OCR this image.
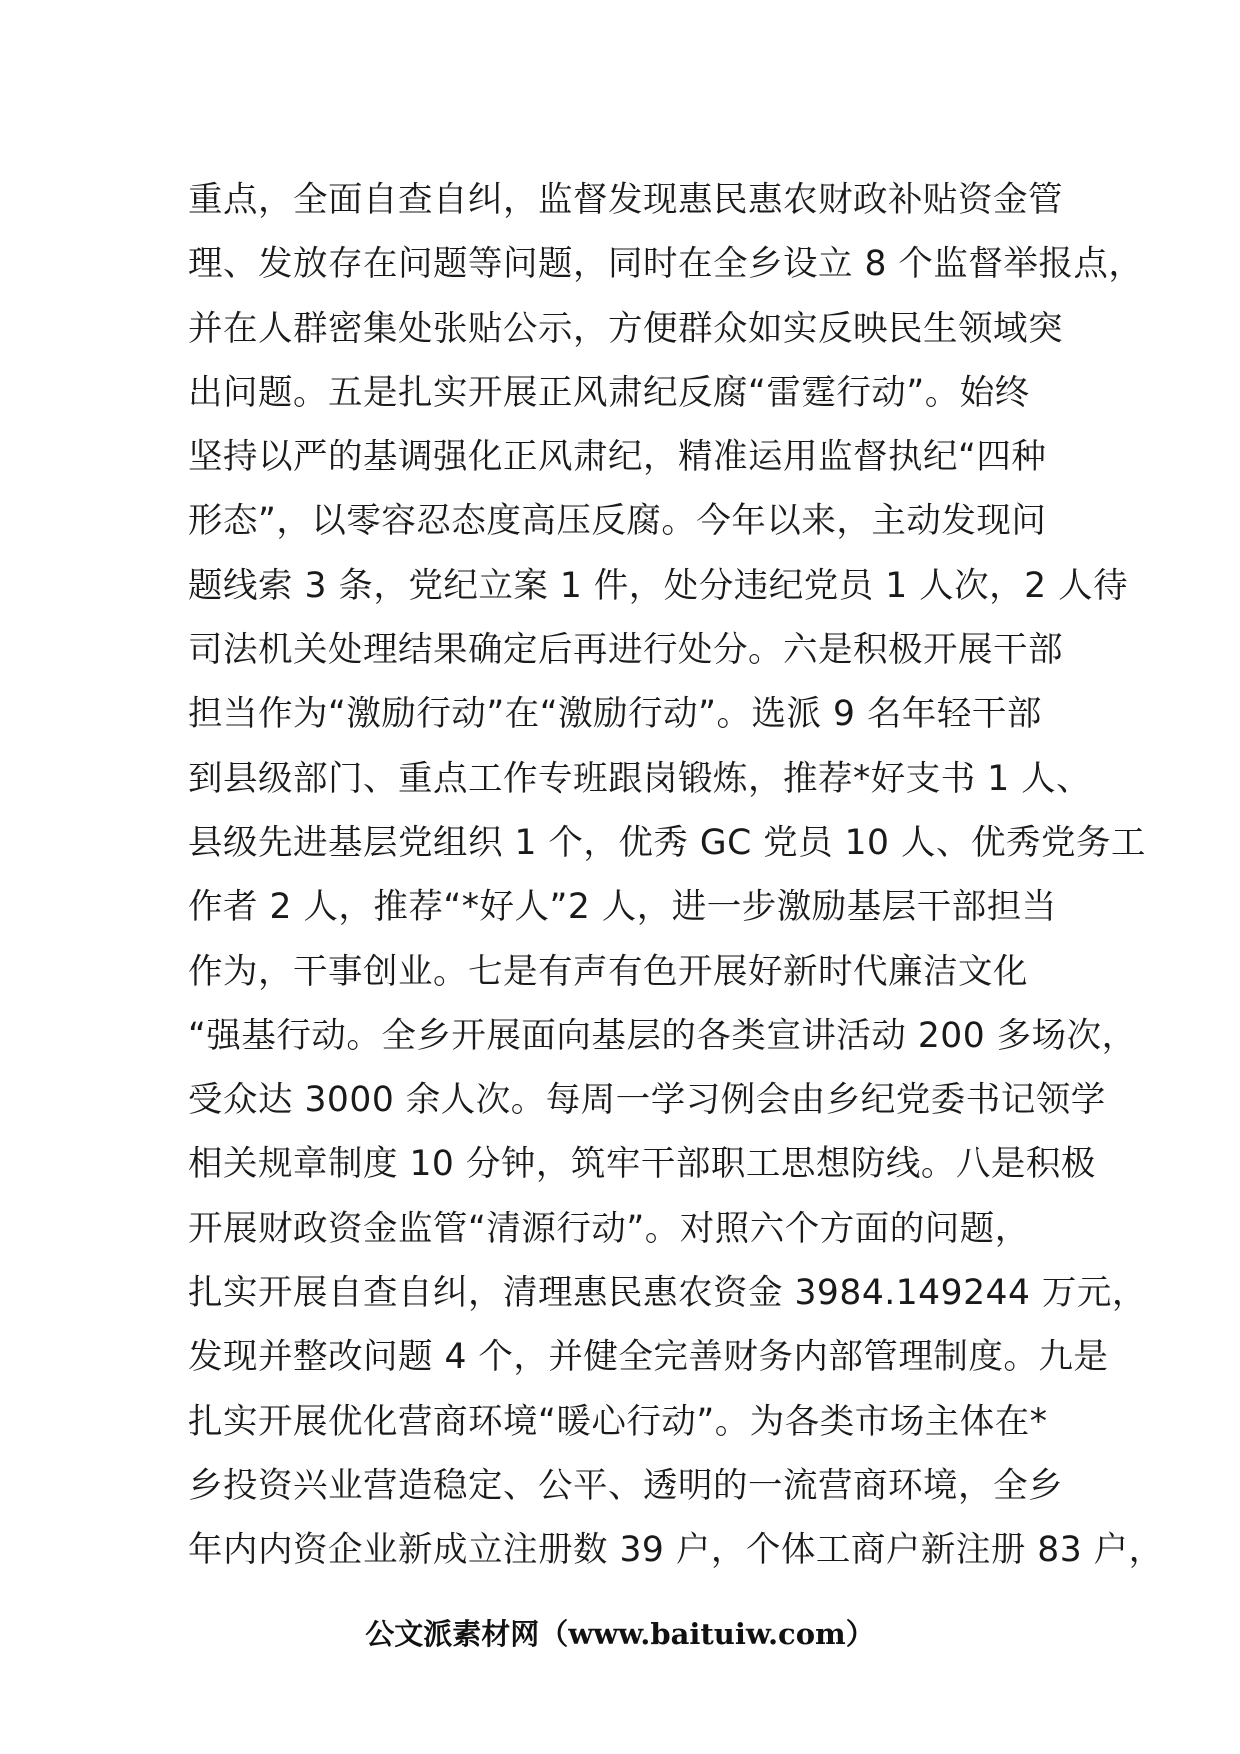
重点，全面自查自纠，监督发现惠民惠农财政补贴资金管
理、发放存在问题等问题，同时在全乡设立 8 个监督举报点，
并在人群密集处张贴公示，方便群众如实反映民生领域突
出问题。五是扎实开展正风肃纪反腐“雷霆行动”。始终
坚持以严的基调强化正风肃纪，精准运用监督执纪“四种
形态”，以零容忍态度高压反腐。今年以来，主动发现问
题线索 3 条，党纪立案 1 件，处分违纪党员 1 人次，2 人待
司法机关处理结果确定后再进行处分。六是积极开展干部
担当作为“激励行动”在“激励行动”。选派 9 名年轻干部
到县级部门、重点工作专班跟岗锻炼，推荐*好支书 1 人、
县级先进基层党组织 1 个，优秀 GC 党员 10 人、优秀党务工
作者 2 人，推荐“*好人”2 人，进一步激励基层干部担当
作为，干事创业。七是有声有色开展好新时代廉洁文化
“强基行动。全乡开展面向基层的各类宣讲活动 200 多场次，
受众达 3000 余人次。每周一学习例会由乡纪党委书记领学
相关规章制度 10 分钟，筑牢干部职工思想防线。八是积极
开展财政资金监管“清源行动”。对照六个方面的问题，
扎实开展自查自纠，清理惠民惠农资金 3984.149244 万元，
发现并整改问题 4 个，并健全完善财务内部管理制度。九是
扎实开展优化营商环境“暖心行动”。为各类市场主体在*
乡投资兴业营造稳定、公平、透明的一流营商环境，全乡
年内内资企业新成立注册数 39 户，个体工商户新注册 83 户，
公文派素材网（www.baituiw.com）
